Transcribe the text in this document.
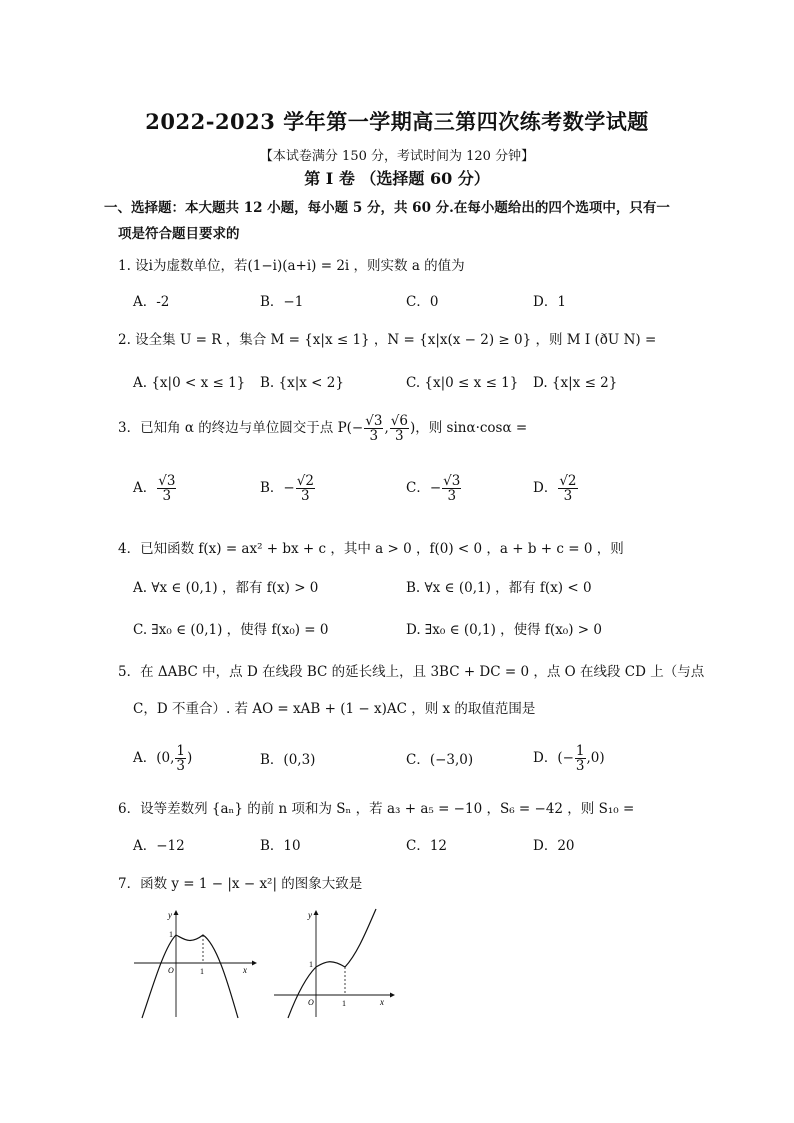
2022-2023 学年第一学期高三第四次练考数学试题
【本试卷满分 150 分，考试时间为 120 分钟】
第 Ⅰ 卷 （选择题 60 分）
一、选择题：本大题共 12 小题，每小题 5 分，共 60 分.在每小题给出的四个选项中，只有一
项是符合题目要求的
1. 设i为虚数单位，若(1−i)(a+i) = 2i ，则实数 a 的值为
A．-2	B．−1	C．0	D．1
2. 设全集 U = R ，集合 M = {x|x ≤ 1} ，N = {x|x(x − 2) ≥ 0} ，则 M I (ðU N) =
A. {x|0 < x ≤ 1} B. {x|x < 2}	C. {x|0 ≤ x ≤ 1} D. {x|x ≤ 2}
3．已知角 α 的终边与单位圆交于点 $P(- \frac{√3}{3}$ , $\frac{√6}{3}$ )，则 sinα·cosα =
A． $\frac{√3}{3}$	B．− $\frac{√2}{3}$	C．− $\frac{√3}{3}$	D． $\frac{√2}{3}$
4．已知函数 f(x) = ax² + bx + c ，其中 a > 0 ，f(0) < 0 ，a + b + c = 0 ，则
A. ∀x ∈ (0,1) ，都有 f(x) > 0	B. ∀x ∈ (0,1) ，都有 f(x) < 0
C. ∃x₀ ∈ (0,1) ，使得 f(x₀) = 0	D. ∃x₀ ∈ (0,1) ，使得 f(x₀) > 0
5．在 ΔABC 中，点 D 在线段 BC 的延长线上，且 3BC + DC = 0 ，点 O 在线段 CD 上（与点
C，D 不重合）. 若 AO = xAB + (1 − x)AC ，则 x 的取值范围是
A．(0, $\frac{1}{3}$ )	B．(0,3)	C．(−3,0)	D．(− $\frac{1}{3} ,0$)
6．设等差数列 {aₙ} 的前 n 项和为 Sₙ ，若 a₃ + a₅ = −10 ，S₆ = −42 ，则 S₁₀ =
A．−12	B．10	C．12	D．20
7．函数 y = 1 − |x − x²| 的图象大致是
y
x
O	1
1
y
x
O	1
1
